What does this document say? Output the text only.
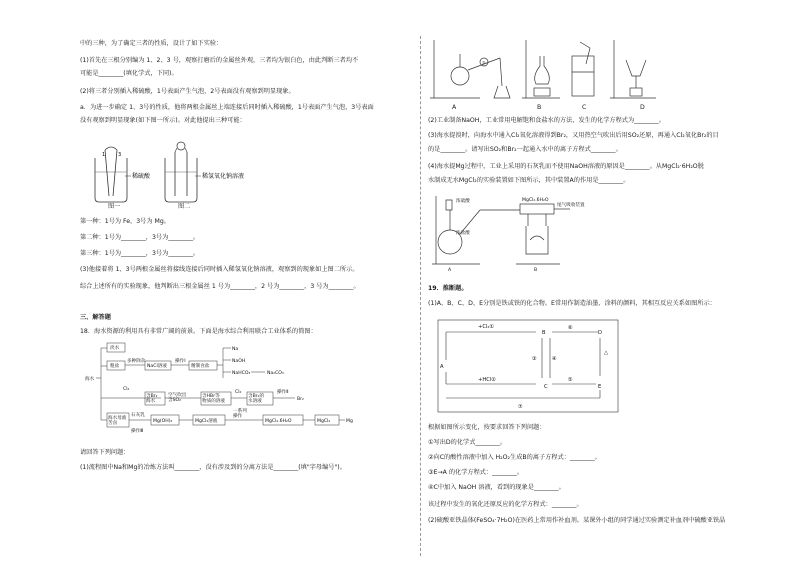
中的三种，为了确定三者的性质，设计了如下实验：
(1)首先在三根分别编为 1、2、3 号，观察打磨后的金属丝外观，三者均为银白色，由此判断三者均不
可能是________(填化学式，下同)。
(2)将三者分别插入稀硫酸，1号表面产生气泡，2号表面没有观察到明显现象。
a．为进一步确定 1、3号的性质，他将两根金属丝上端连接后同时插入稀硫酸，1号表面产生气泡，3号表面
没有观察到明显现象(如下图一所示)。对此他提出三种可能：
1	3
稀硫酸	稀氢氧化钠溶液
图一	图二
第一种：1号为 Fe，3号为 Mg。
第二种：1号为________，3号为________。
第三种：1号为________，3号为________。
(3)他接着将 1、3号两根金属丝将接线连接后同时插入稀氢氧化钠溶液，观察到的现象如上图二所示。
综合上述所有的实验现象，他判断出三根金属丝 1 号为________，2 号为________，3 号为________。
三、解答题
18．海水资源的利用具有非常广阔的前景。下面是海水综合利用联合工业体系的简图：
海水
淡水
粗盐
多种除杂
NaCl溶液
操作Ⅰ
精制食盐
Na
NaOH
NaHCO₃	Na₂CO₃
Cl₂
含Br₂ 海水
空气吹出含SO₂
含HBr等物质的溶液
Cl₂
含Br₂的水溶液
操作Ⅱ
Br₂
海水母液苦卤
石灰乳
操作Ⅲ
Mg(OH)₂	MgCl₂溶液
一系列操作
MgCl₂.6H₂O	MgCl₂	Mg
请回答下列问题：
(1)流程图中Na和Mg的冶炼方法叫________，没有涉及到的分离方法是________(填"字母编号")。
⑤
A	B	C	D
(2)工业制备NaOH，工业常用电解饱和食盐水的方法，发生的化学方程式为________。
(3)海水提溴时，向海水中通入Cl₂氧化溶液得到Br₂，又用热空气吹出后用SO₂还原，再通入Cl₂氧化Br₂的目
的是________。请写出SO₂和Br₂一起通入水中的离子方程式________。
(4)海水提Mg过程中，工业上采用的石灰乳而不使用NaOH溶液的原因是________。从MgCl₂·6H₂O脱
水制成无水MgCl₂的实验装置如下图所示，其中装置A的作用是________。
浓硫酸
浓盐酸
MgCl₂.6H₂O
尾气吸收装置
A	B
19．推断题。
(1)A、B、C、D、E分别是铁或铁的化合物。E常用作制造油墨、涂料的颜料，其相互反应关系如图所示：
A
B
C
D
E
+Cl₂①
+HCl②
③	④
⑤
⑥
△
⑦
根据如图所示变化，按要求回答下列问题：
①写出D的化学式________。
②向C的酸性溶液中加入 H₂O₂生成B的离子方程式：________。
③E→A 的化学方程式：________。
④C中加入 NaOH 溶液，看到的现象是________。
该过程中发生的氧化还原反应的化学方程式：________。
(2)硫酸亚铁晶体(FeSO₄·7H₂O)在医药上常用作补血剂。某课外小组的同学通过实验测定补血剂中硫酸亚铁晶
